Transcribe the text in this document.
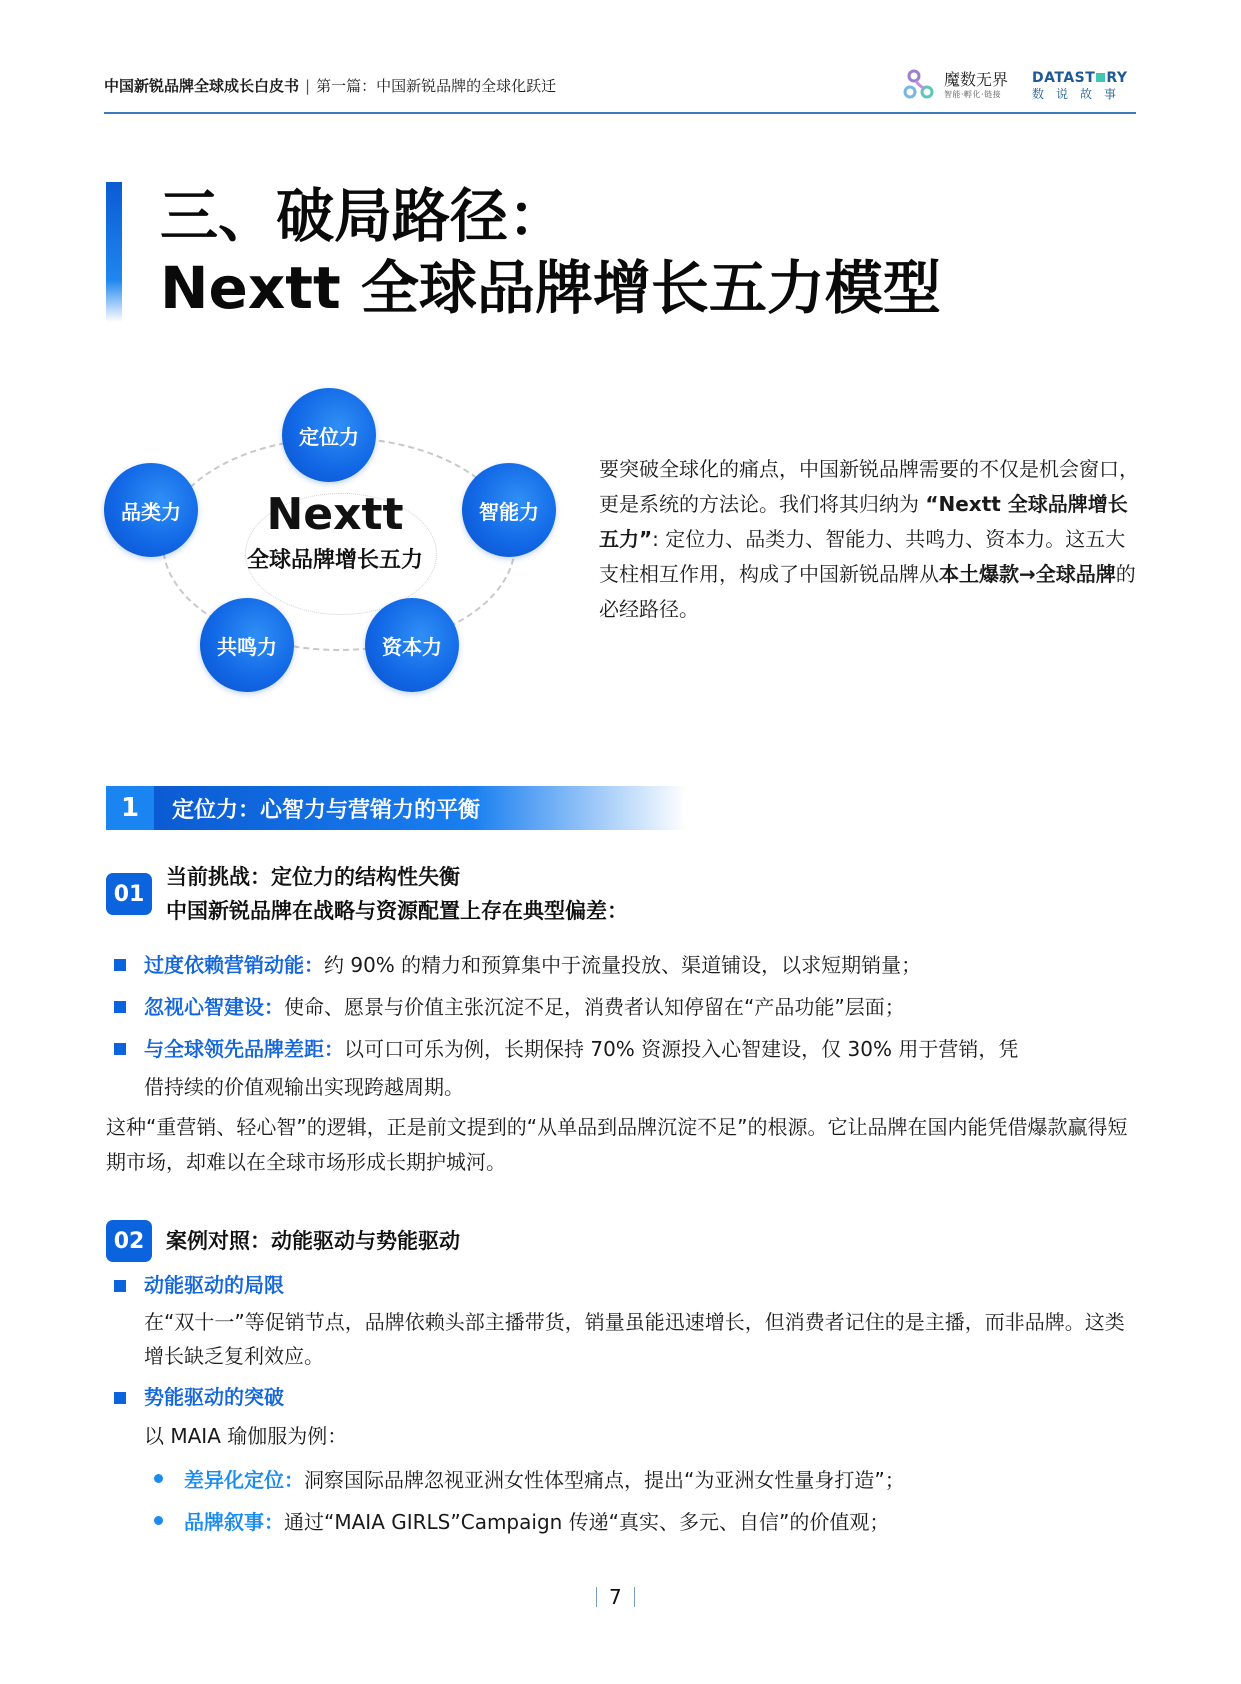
中国新锐品牌全球成长白皮书 | 第一篇：中国新锐品牌的全球化跃迁	魔数无界
智能·孵化·链接
DATAST RY
数说故事
三、破局路径：
Nextt 全球品牌增长五力模型
Nextt
全球品牌增长五力
定位力
品类力	智能力
共鸣力	资本力
要突破全球化的痛点，中国新锐品牌需要的不仅是机会窗口，更是系统的方法论。我们将其归纳为 “Nextt 全球品牌增长五力”: 定位力、品类力、智能力、共鸣力、资本力。这五大支柱相互作用，构成了中国新锐品牌从本土爆款→全球品牌的必经路径。
1	定位力：心智力与营销力的平衡
01
当前挑战：定位力的结构性失衡
中国新锐品牌在战略与资源配置上存在典型偏差：
过度依赖营销动能：约 90% 的精力和预算集中于流量投放、渠道铺设，以求短期销量；
忽视心智建设：使命、愿景与价值主张沉淀不足，消费者认知停留在“产品功能”层面；
与全球领先品牌差距：以可口可乐为例，长期保持 70% 资源投入心智建设，仅 30% 用于营销，凭
借持续的价值观输出实现跨越周期。
这种“重营销、轻心智”的逻辑，正是前文提到的“从单品到品牌沉淀不足”的根源。它让品牌在国内能凭借爆款赢得短期市场，却难以在全球市场形成长期护城河。
02	案例对照：动能驱动与势能驱动
动能驱动的局限
在“双十一”等促销节点，品牌依赖头部主播带货，销量虽能迅速增长，但消费者记住的是主播，而非品牌。这类增长缺乏复利效应。
势能驱动的突破
以 MAIA 瑜伽服为例：
差异化定位：洞察国际品牌忽视亚洲女性体型痛点，提出“为亚洲女性量身打造”；
品牌叙事：通过“MAIA GIRLS”Campaign 传递“真实、多元、自信”的价值观；
7
